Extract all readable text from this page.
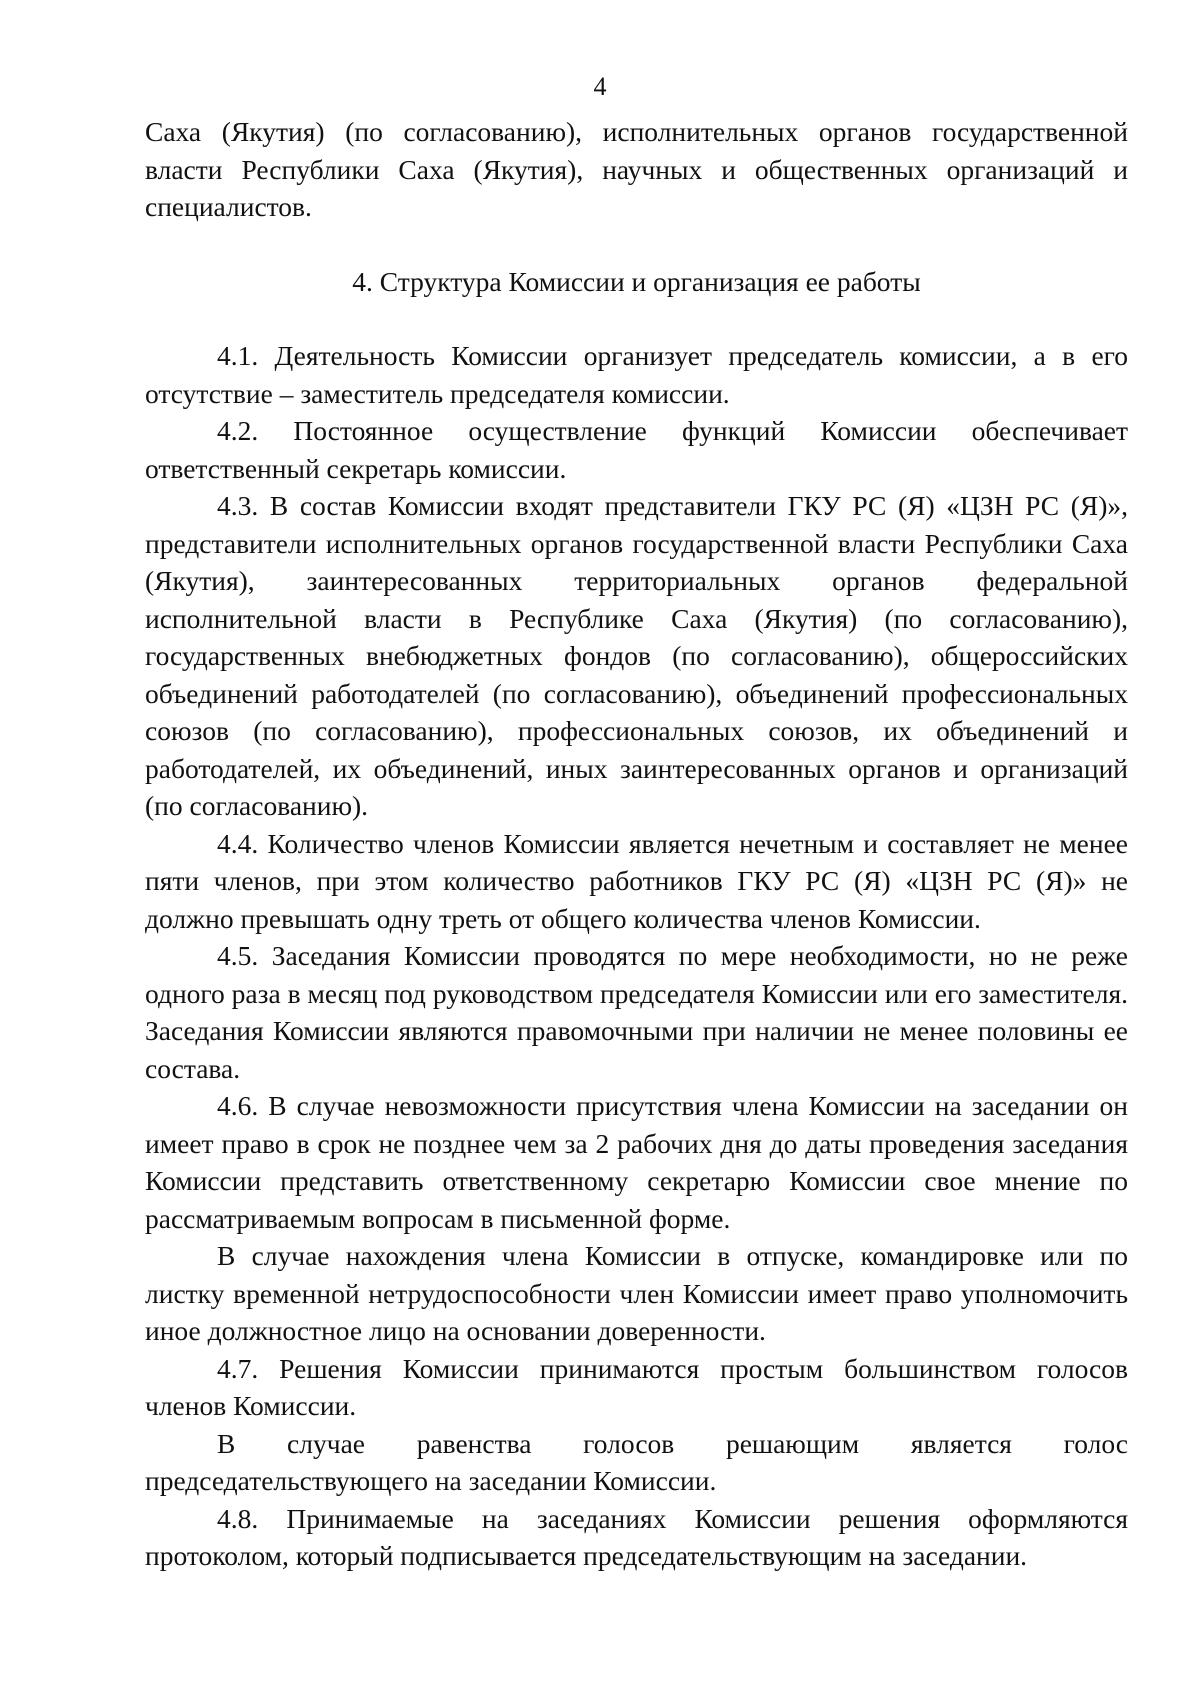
4

Саха (Якутия) (по согласованию), исполнительных органов государственной власти Республики Саха (Якутия), научных и общественных организаций и специалистов.

4. Структура Комиссии и организация ее работы

4.1. Деятельность Комиссии организует председатель комиссии, а в его отсутствие – заместитель председателя комиссии.

4.2. Постоянное осуществление функций Комиссии обеспечивает ответственный секретарь комиссии.

4.3. В состав Комиссии входят представители ГКУ РС (Я) «ЦЗН РС (Я)», представители исполнительных органов государственной власти Республики Саха (Якутия), заинтересованных территориальных органов федеральной исполнительной власти в Республике Саха (Якутия) (по согласованию), государственных внебюджетных фондов (по согласованию), общероссийских объединений работодателей (по согласованию), объединений профессиональных союзов (по согласованию), профессиональных союзов, их объединений и работодателей, их объединений, иных заинтересованных органов и организаций (по согласованию).

4.4. Количество членов Комиссии является нечетным и составляет не менее пяти членов, при этом количество работников ГКУ РС (Я) «ЦЗН РС (Я)» не должно превышать одну треть от общего количества членов Комиссии.

4.5. Заседания Комиссии проводятся по мере необходимости, но не реже одного раза в месяц под руководством председателя Комиссии или его заместителя. Заседания Комиссии являются правомочными при наличии не менее половины ее состава.

4.6. В случае невозможности присутствия члена Комиссии на заседании он имеет право в срок не позднее чем за 2 рабочих дня до даты проведения заседания Комиссии представить ответственному секретарю Комиссии свое мнение по рассматриваемым вопросам в письменной форме.

В случае нахождения члена Комиссии в отпуске, командировке или по листку временной нетрудоспособности член Комиссии имеет право уполномочить иное должностное лицо на основании доверенности.

4.7. Решения Комиссии принимаются простым большинством голосов членов Комиссии.

В случае равенства голосов решающим является голос председательствующего на заседании Комиссии.

4.8. Принимаемые на заседаниях Комиссии решения оформляются протоколом, который подписывается председательствующим на заседании.
